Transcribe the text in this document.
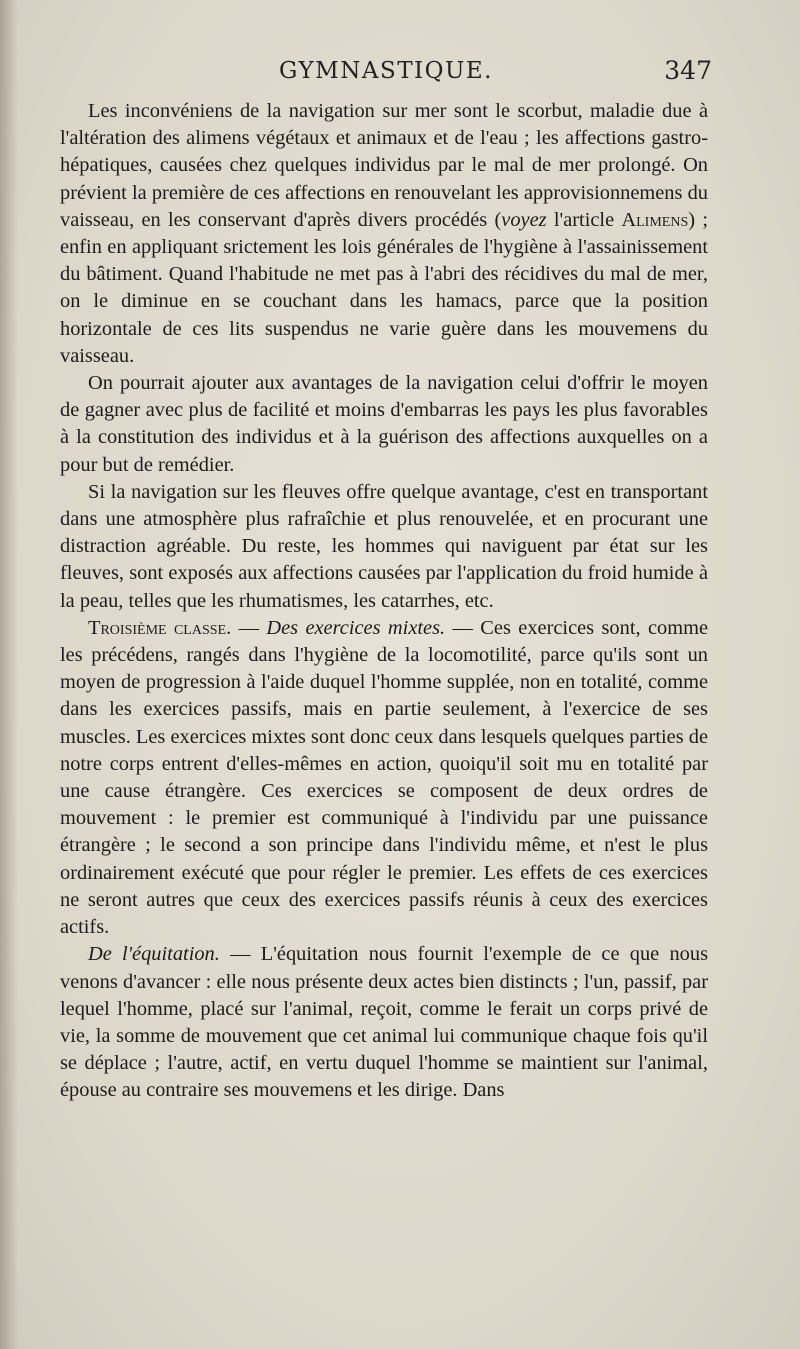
GYMNASTIQUE.	347

Les inconvéniens de la navigation sur mer sont le scorbut, maladie due à l'altération des alimens végétaux et animaux et de l'eau ; les affections gastro-hépatiques, causées chez quelques individus par le mal de mer prolongé. On prévient la première de ces affections en renouvelant les approvisionnemens du vaisseau, en les conservant d'après divers procédés (voyez l'article Alimens) ; enfin en appliquant srictement les lois générales de l'hygiène à l'assainissement du bâtiment. Quand l'habitude ne met pas à l'abri des récidives du mal de mer, on le diminue en se couchant dans les hamacs, parce que la position horizontale de ces lits suspendus ne varie guère dans les mouvemens du vaisseau.

On pourrait ajouter aux avantages de la navigation celui d'offrir le moyen de gagner avec plus de facilité et moins d'embarras les pays les plus favorables à la constitution des individus et à la guérison des affections auxquelles on a pour but de remédier.

Si la navigation sur les fleuves offre quelque avantage, c'est en transportant dans une atmosphère plus rafraîchie et plus renouvelée, et en procurant une distraction agréable. Du reste, les hommes qui naviguent par état sur les fleuves, sont exposés aux affections causées par l'application du froid humide à la peau, telles que les rhumatismes, les catarrhes, etc.

Troisième classe. — Des exercices mixtes. — Ces exercices sont, comme les précédens, rangés dans l'hygiène de la locomotilité, parce qu'ils sont un moyen de progression à l'aide duquel l'homme supplée, non en totalité, comme dans les exercices passifs, mais en partie seulement, à l'exercice de ses muscles. Les exercices mixtes sont donc ceux dans lesquels quelques parties de notre corps entrent d'elles-mêmes en action, quoiqu'il soit mu en totalité par une cause étrangère. Ces exercices se composent de deux ordres de mouvement : le premier est communiqué à l'individu par une puissance étrangère ; le second a son principe dans l'individu même, et n'est le plus ordinairement exécuté que pour régler le premier. Les effets de ces exercices ne seront autres que ceux des exercices passifs réunis à ceux des exercices actifs.

De l'équitation. — L'équitation nous fournit l'exemple de ce que nous venons d'avancer : elle nous présente deux actes bien distincts ; l'un, passif, par lequel l'homme, placé sur l'animal, reçoit, comme le ferait un corps privé de vie, la somme de mouvement que cet animal lui communique chaque fois qu'il se déplace ; l'autre, actif, en vertu duquel l'homme se maintient sur l'animal, épouse au contraire ses mouvemens et les dirige. Dans
